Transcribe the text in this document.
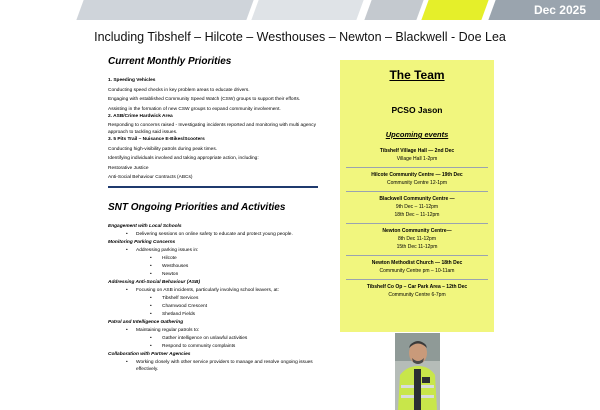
Dec 2025
Including Tibshelf – Hilcote – Westhouses – Newton – Blackwell - Doe Lea
Current Monthly Priorities
1. Speeding Vehicles
Conducting speed checks in key problem areas to educate drivers.
Engaging with established Community Speed Watch (CSW) groups to support their efforts.
Assisting in the formation of new CSW groups to expand community involvement.
2. ASB/Crime Hardwick Area
Responding to concerns raised - Investigating incidents reported and monitoring with multi agency approach to tackling said issues.
3. 5 Pits Trail – Nuisance E-Bikes/Scooters
Conducting high-visibility patrols during peak times.
Identifying individuals involved and taking appropriate action, including:
Restorative Justice
Anti-Social Behaviour Contracts (ABCs)
SNT Ongoing Priorities and Activities
Engagement with Local Schools
• Delivering sessions on online safety to educate and protect young people.
Monitoring Parking Concerns
• Addressing parking issues in:
• Hilcote
• Westhouses
• Newton
Addressing Anti-Social Behaviour (ASB)
• Focusing on ASB incidents, particularly involving school leavers, at:
• Tibshelf Services
• Charnwood Crescent
• Shetland Fields
Patrol and Intelligence Gathering
• Maintaining regular patrols to:
• Gather intelligence on unlawful activities
• Respond to community complaints
Collaboration with Partner Agencies
• Working closely with other service providers to manage and resolve ongoing issues effectively.
The Team
PCSO Jason
Upcoming events
Tibshelf Village Hall — 2nd Dec
Village Hall 1-2pm
Hilcote Community Centre — 19th Dec
Community Centre 12-1pm
Blackwell Community Centre —
9th Dec – 11-12pm
18th Dec – 11-12pm
Newton Community Centre—
8th Dec 11-12pm
15th Dec 11-12pm
Newton Methodist Church — 18th Dec
Community Centre pm – 10-11am
Tibshelf Co Op – Car Park Area – 12th Dec
Community Centre 6-7pm
